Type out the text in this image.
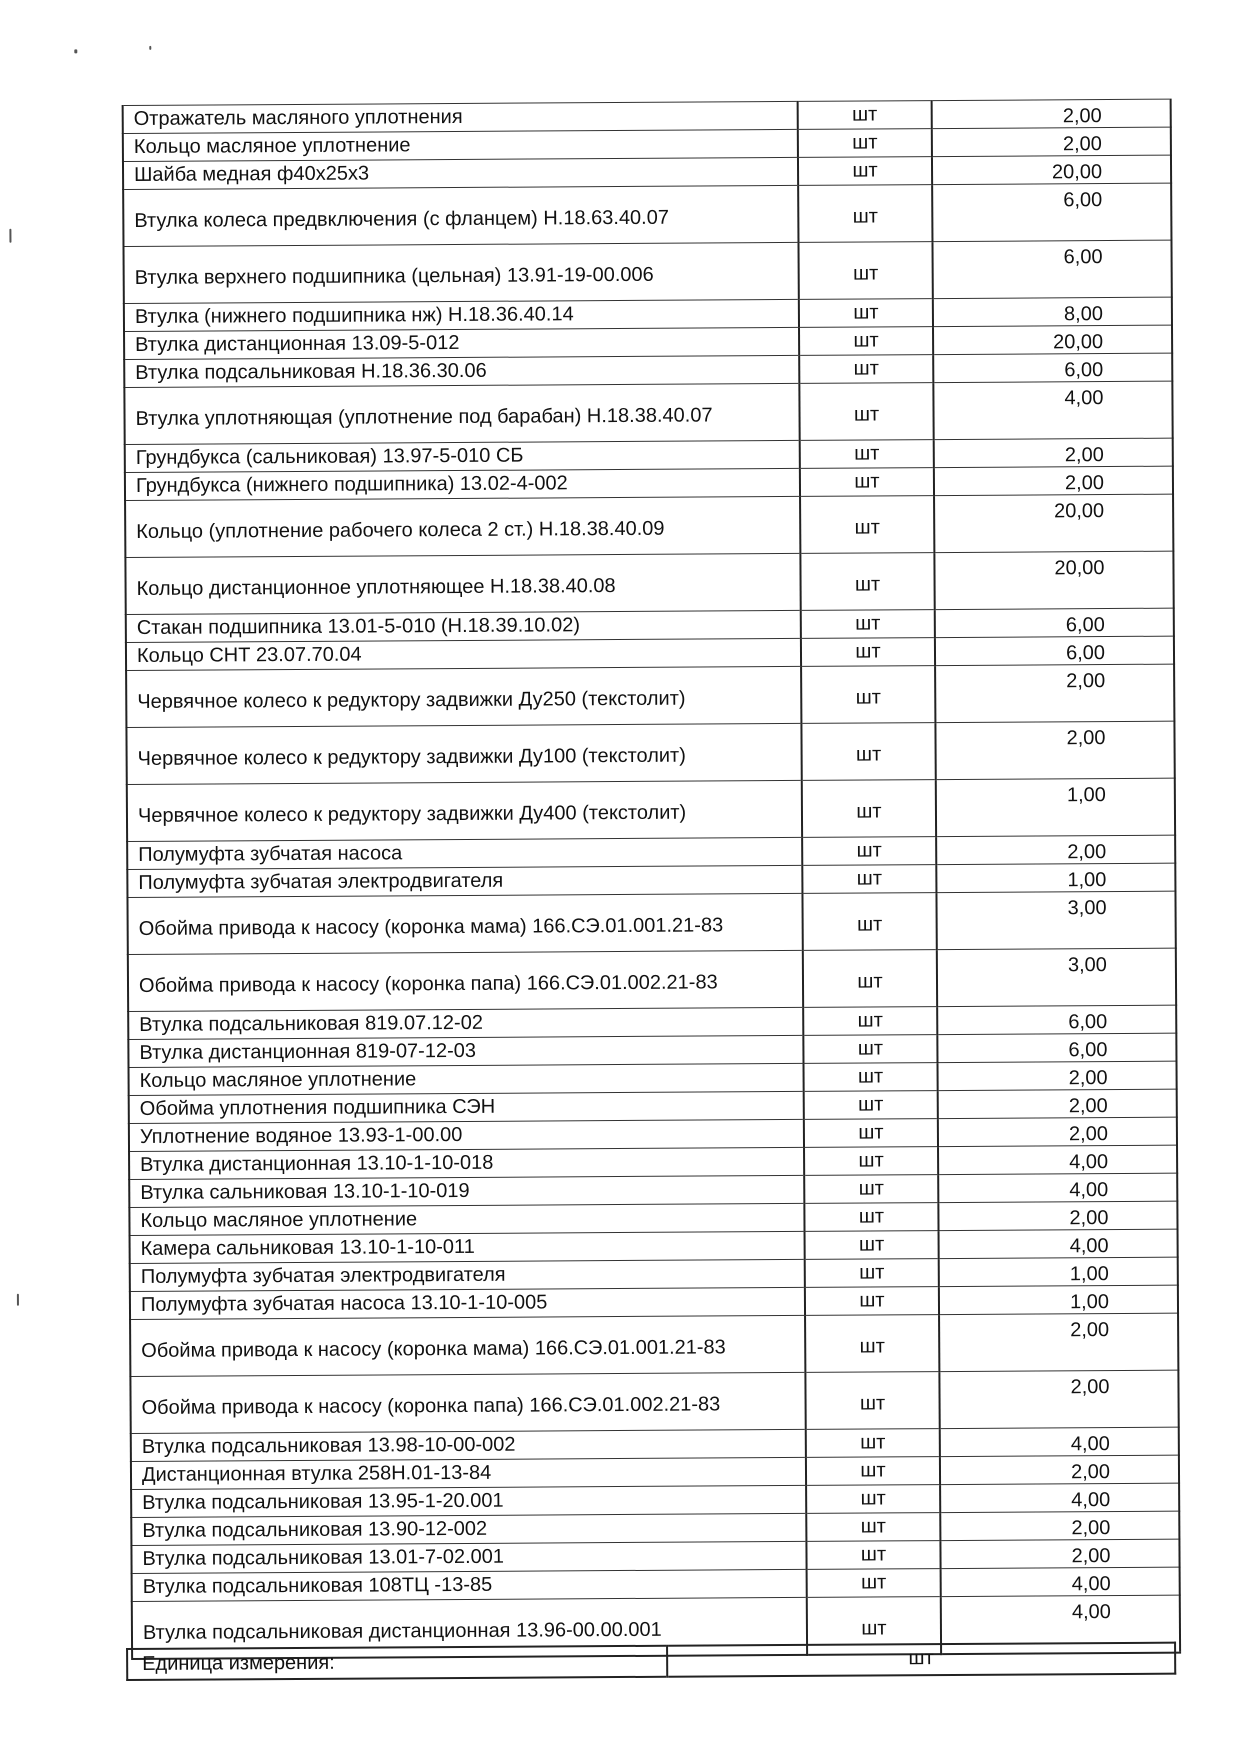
Отражатель масляного уплотнения	шт	2,00
Кольцо масляное уплотнение	шт	2,00
Шайба медная ф40х25х3	шт	20,00
Втулка колеса предвключения (с фланцем) Н.18.63.40.07	шт	6,00
Втулка верхнего подшипника (цельная) 13.91-19-00.006	шт	6,00
Втулка (нижнего подшипника нж) Н.18.36.40.14	шт	8,00
Втулка дистанционная 13.09-5-012	шт	20,00
Втулка подсальниковая Н.18.36.30.06	шт	6,00
Втулка уплотняющая (уплотнение под барабан) Н.18.38.40.07	шт	4,00
Грундбукса (сальниковая) 13.97-5-010 СБ	шт	2,00
Грундбукса (нижнего подшипника) 13.02-4-002	шт	2,00
Кольцо (уплотнение рабочего колеса 2 ст.) Н.18.38.40.09	шт	20,00
Кольцо дистанционное уплотняющее Н.18.38.40.08	шт	20,00
Стакан подшипника 13.01-5-010 (Н.18.39.10.02)	шт	6,00
Кольцо СНТ 23.07.70.04	шт	6,00
Червячное колесо к редуктору задвижки Ду250 (текстолит)	шт	2,00
Червячное колесо к редуктору задвижки Ду100 (текстолит)	шт	2,00
Червячное колесо к редуктору задвижки Ду400 (текстолит)	шт	1,00
Полумуфта зубчатая насоса	шт	2,00
Полумуфта зубчатая электродвигателя	шт	1,00
Обойма привода к насосу (коронка мама) 166.СЭ.01.001.21-83	шт	3,00
Обойма привода к насосу (коронка папа) 166.СЭ.01.002.21-83	шт	3,00
Втулка подсальниковая 819.07.12-02	шт	6,00
Втулка дистанционная 819-07-12-03	шт	6,00
Кольцо масляное уплотнение	шт	2,00
Обойма уплотнения подшипника СЭН	шт	2,00
Уплотнение водяное 13.93-1-00.00	шт	2,00
Втулка дистанционная 13.10-1-10-018	шт	4,00
Втулка сальниковая 13.10-1-10-019	шт	4,00
Кольцо масляное уплотнение	шт	2,00
Камера сальниковая 13.10-1-10-011	шт	4,00
Полумуфта зубчатая электродвигателя	шт	1,00
Полумуфта зубчатая насоса 13.10-1-10-005	шт	1,00
Обойма привода к насосу (коронка мама) 166.СЭ.01.001.21-83	шт	2,00
Обойма привода к насосу (коронка папа) 166.СЭ.01.002.21-83	шт	2,00
Втулка подсальниковая 13.98-10-00-002	шт	4,00
Дистанционная втулка 258Н.01-13-84	шт	2,00
Втулка подсальниковая 13.95-1-20.001	шт	4,00
Втулка подсальниковая 13.90-12-002	шт	2,00
Втулка подсальниковая 13.01-7-02.001	шт	2,00
Втулка подсальниковая 108ТЦ -13-85	шт	4,00
Втулка подсальниковая дистанционная 13.96-00.00.001	шт	4,00
Единица измерения:	шт
